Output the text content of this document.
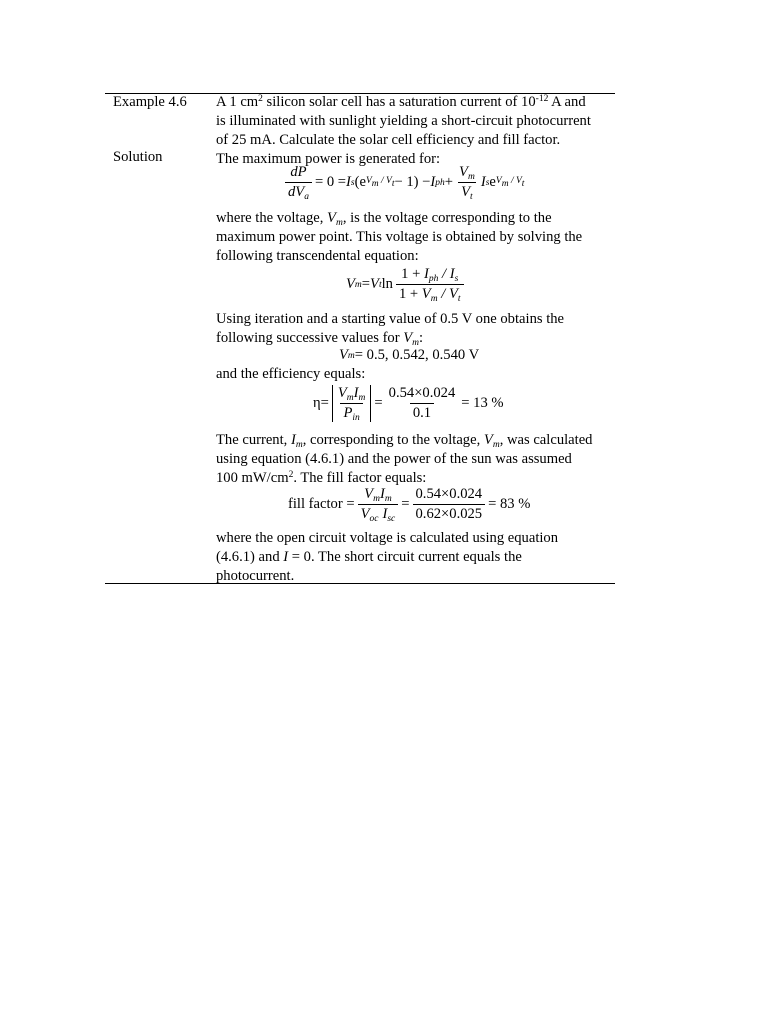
Example 4.6
Solution
A 1 $cm^2$ silicon solar cell has a saturation current of $10^{-12}$ A and
is illuminated with sunlight yielding a short-circuit photocurrent
of 25 mA. Calculate the solar cell efficiency and fill factor.
The maximum power is generated for:
$\frac{dP}{dV_a} = 0 = I$ s (e $V_m / V_t - 1) - I$ ph + $\frac{V_m}{V_t}$ I s e $V_m / V_t$
where the voltage, $V_m$, is the voltage corresponding to the
maximum power point. This voltage is obtained by solving the
following transcendental equation:
V m = V t $\ln \frac{1 + I_{ph} / I_s}{1 + V_m / V_t}$
Using iteration and a starting value of 0.5 V one obtains the
following successive values for $V_m$:
V m = 0.5, 0.542, 0.540 V
and the efficiency equals:
$\eta = \frac{V_mI_m}{P_{in}} = \frac{0.54\times 0.024}{0.1} = 13$ %
The current, $I_m$, corresponding to the voltage, $V_m$, was calculated
using equation (4.6.1) and the power of the sun was assumed
100 $mW/cm^2$. The fill factor equals:
fill factor = $\frac{V_mI_m}{V_{oc} I_{sc}} = \frac{0.54\times 0.024}{0.62\times 0.025} = 83$ %
where the open circuit voltage is calculated using equation
(4.6.1) and I = 0. The short circuit current equals the
photocurrent.
